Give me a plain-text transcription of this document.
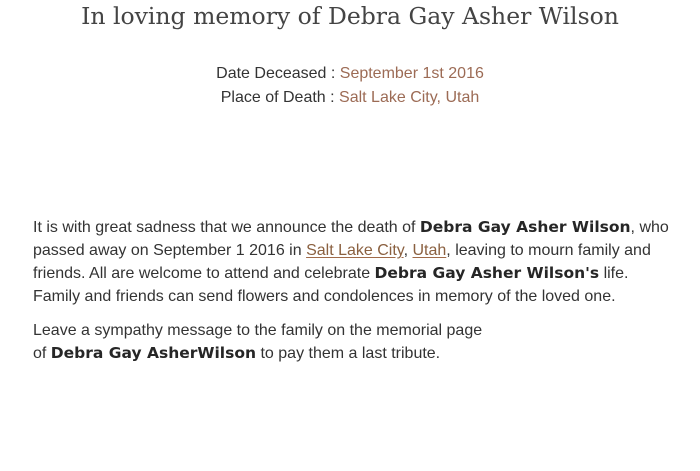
In loving memory of Debra Gay Asher Wilson
Date Deceased : September 1st 2016
Place of Death : Salt Lake City, Utah
It is with great sadness that we announce the death of Debra Gay Asher Wilson, who
passed away on September 1 2016 in Salt Lake City, Utah, leaving to mourn family and
friends. All are welcome to attend and celebrate Debra Gay Asher Wilson's life.
Family and friends can send flowers and condolences in memory of the loved one.
Leave a sympathy message to the family on the memorial page
of Debra Gay AsherWilson to pay them a last tribute.
